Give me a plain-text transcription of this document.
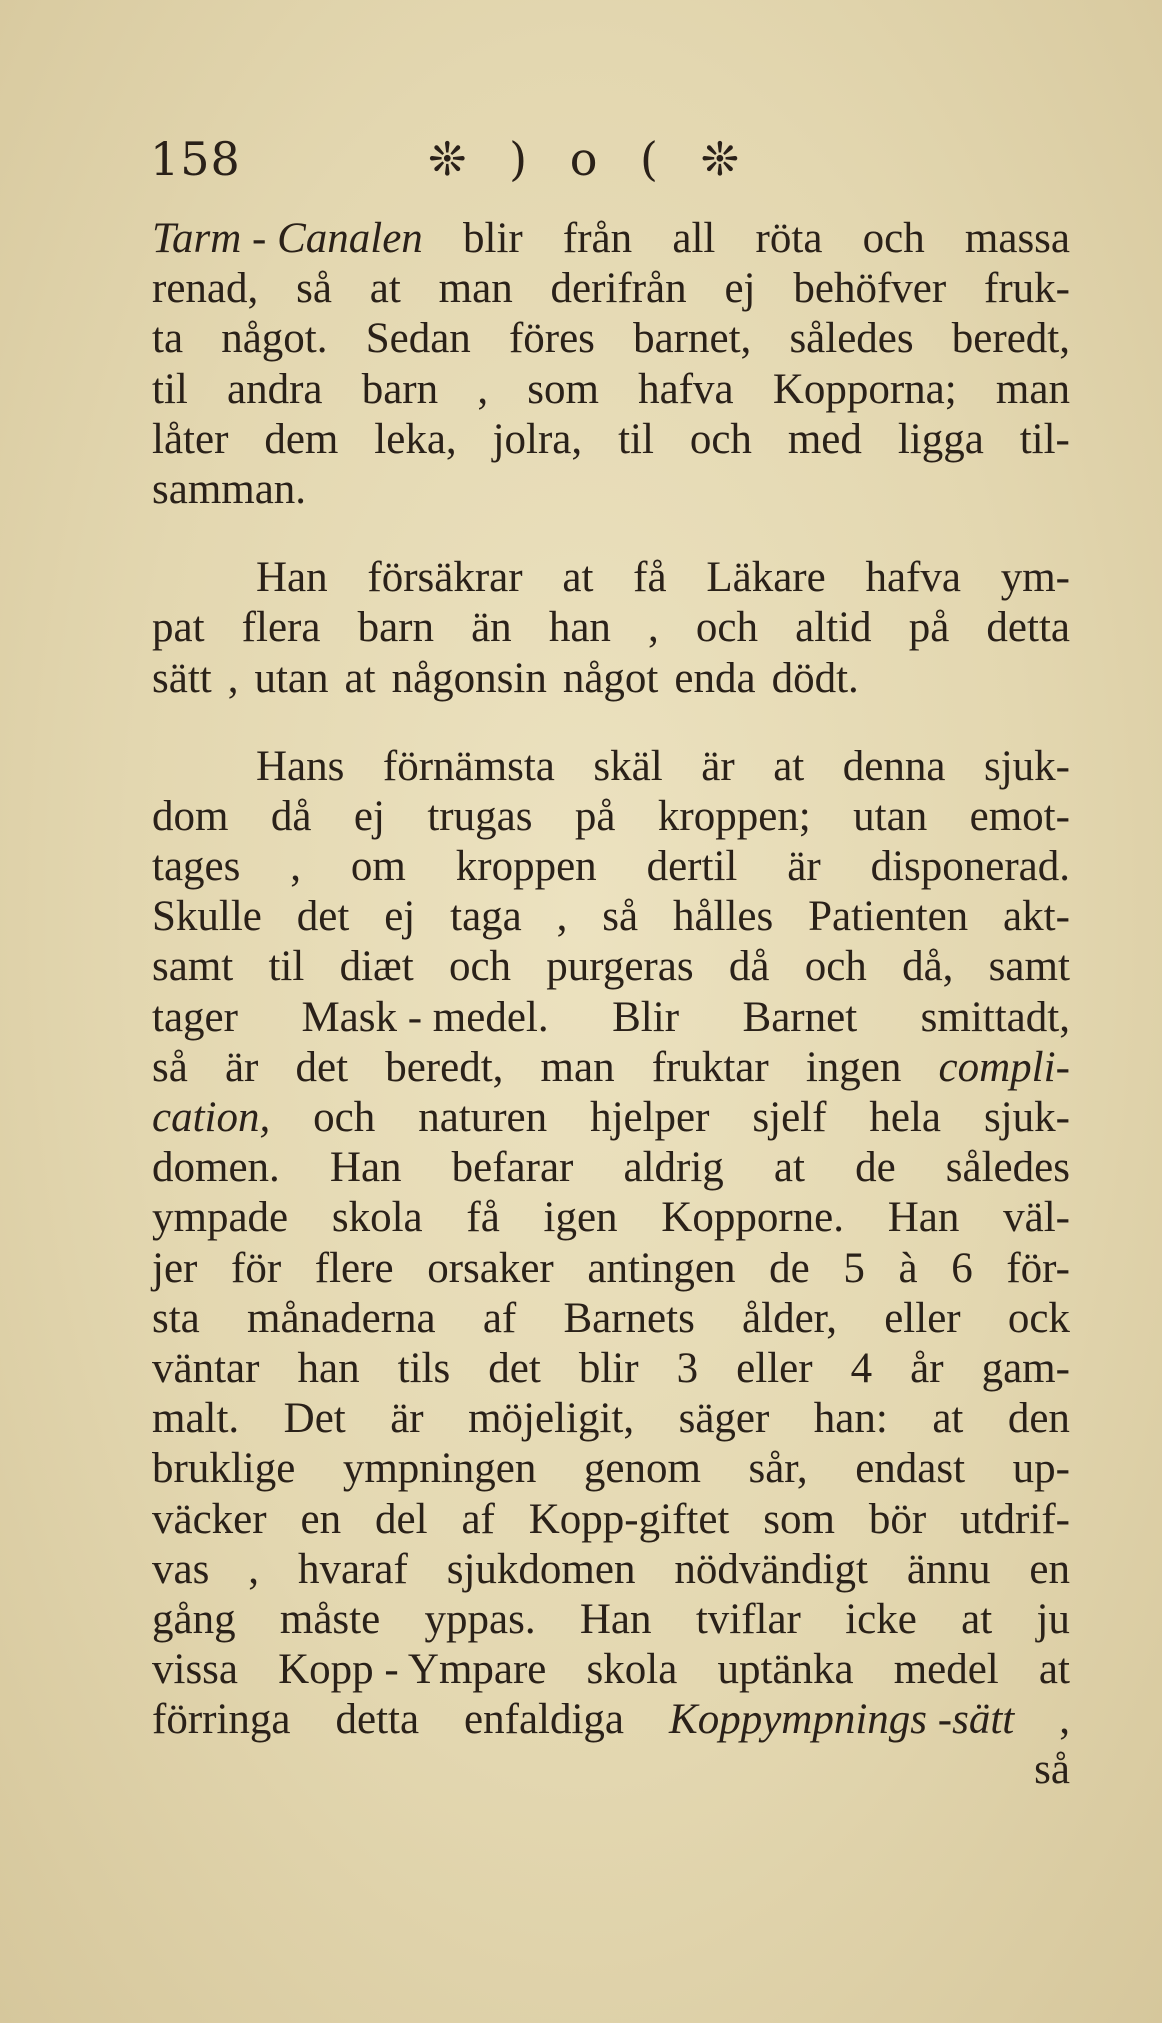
158	❊ ) o ( ❊
Tarm - Canalen blir från all röta och massa
renad, så at man derifrån ej behöfver fruk-
ta något. Sedan föres barnet, således beredt,
til andra barn , som hafva Kopporna; man
låter dem leka, jolra, til och med ligga til-
samman.
Han försäkrar at få Läkare hafva ym-
pat flera barn än han , och altid på detta
sätt , utan at någonsin något enda dödt.
Hans förnämsta skäl är at denna sjuk-
dom då ej trugas på kroppen; utan emot-
tages , om kroppen dertil är disponerad.
Skulle det ej taga , så hålles Patienten akt-
samt til diæt och purgeras då och då, samt
tager Mask - medel. Blir Barnet smittadt,
så är det beredt, man fruktar ingen compli-
cation, och naturen hjelper sjelf hela sjuk-
domen. Han befarar aldrig at de således
ympade skola få igen Kopporne. Han väl-
jer för flere orsaker antingen de 5 à 6 för-
sta månaderna af Barnets ålder, eller ock
väntar han tils det blir 3 eller 4 år gam-
malt. Det är möjeligit, säger han: at den
bruklige ympningen genom sår, endast up-
väcker en del af Kopp-giftet som bör utdrif-
vas , hvaraf sjukdomen nödvändigt ännu en
gång måste yppas. Han tviflar icke at ju
vissa Kopp - Ympare skola uptänka medel at
förringa detta enfaldiga Koppympnings -sätt ,
så
